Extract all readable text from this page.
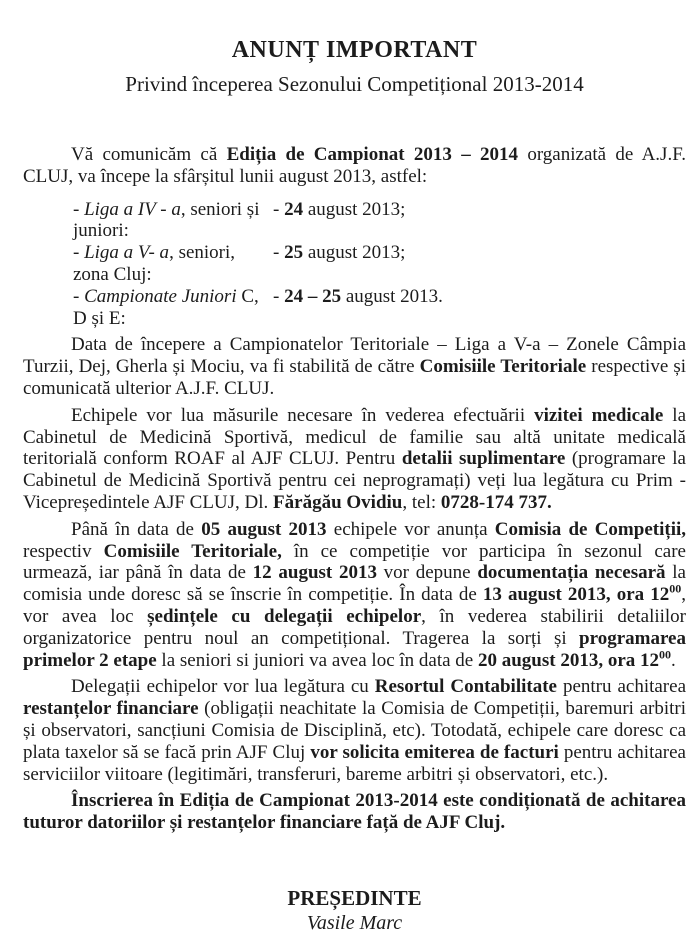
ANUNȚ IMPORTANT
Privind începerea Sezonului Competițional 2013-2014

Vă comunicăm că Ediția de Campionat 2013 – 2014 organizată de A.J.F. CLUJ, va începe la sfârșitul lunii august 2013, astfel:

- Liga a IV - a, seniori și juniori:
- 24 august 2013;
- Liga a V- a, seniori, zona Cluj:
- 25 august 2013;
- Campionate Juniori C, D și E:
- 24 – 25 august 2013.

Data de începere a Campionatelor Teritoriale – Liga a V-a – Zonele Câmpia Turzii, Dej, Gherla și Mociu, va fi stabilită de către Comisiile Teritoriale respective și comunicată ulterior A.J.F. CLUJ.

Echipele vor lua măsurile necesare în vederea efectuării vizitei medicale la Cabinetul de Medicină Sportivă, medicul de familie sau altă unitate medicală teritorială conform ROAF al AJF CLUJ. Pentru detalii suplimentare (programare la Cabinetul de Medicină Sportivă pentru cei neprogramați) veți lua legătura cu Prim - Vicepreședintele AJF CLUJ, Dl. Fărăgău Ovidiu, tel: 0728-174 737.

Până în data de 05 august 2013 echipele vor anunța Comisia de Competiții, respectiv Comisiile Teritoriale, în ce competiție vor participa în sezonul care urmează, iar până în data de 12 august 2013 vor depune documentația necesară la comisia unde doresc să se înscrie în competiție. În data de 13 august 2013, ora $12^{00}$, vor avea loc ședințele cu delegații echipelor, în vederea stabilirii detaliilor organizatorice pentru noul an competițional. Tragerea la sorți și programarea primelor 2 etape la seniori si juniori va avea loc în data de 20 august 2013, ora $12^{00}$.

Delegații echipelor vor lua legătura cu Resortul Contabilitate pentru achitarea restanțelor financiare (obligații neachitate la Comisia de Competiții, baremuri arbitri și observatori, sancțiuni Comisia de Disciplină, etc). Totodată, echipele care doresc ca plata taxelor să se facă prin AJF Cluj vor solicita emiterea de facturi pentru achitarea serviciilor viitoare (legitimări, transferuri, bareme arbitri și observatori, etc.).

Înscrierea în Ediția de Campionat 2013-2014 este condiționată de achitarea tuturor datoriilor și restanțelor financiare față de AJF Cluj.

PREȘEDINTE
Vasile Marc
